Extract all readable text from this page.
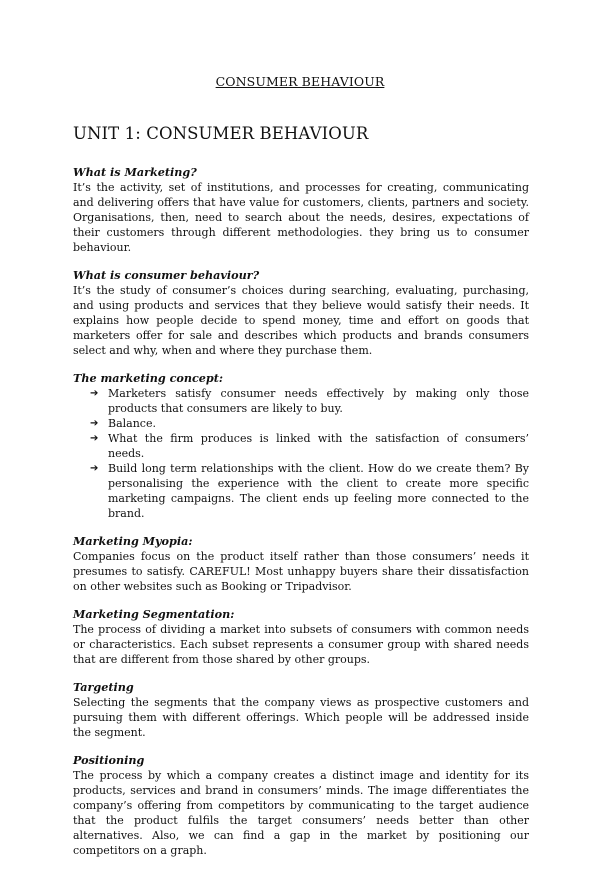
CONSUMER BEHAVIOUR
UNIT 1: CONSUMER BEHAVIOUR

What is Marketing?

It’s the activity, set of institutions, and processes for creating, communicating and delivering offers that have value for customers, clients, partners and society. Organisations, then, need to search about the needs, desires, expectations of their customers through different methodologies. they bring us to consumer behaviour.

What is consumer behaviour?

It’s the study of consumer’s choices during searching, evaluating, purchasing, and using products and services that they believe would satisfy their needs. It explains how people decide to spend money, time and effort on goods that marketers offer for sale and describes which products and brands consumers select and why, when and where they purchase them.

The marketing concept:

➔ Marketers satisfy consumer needs effectively by making only those products that consumers are likely to buy.
➔ Balance.
➔ What the firm produces is linked with the satisfaction of consumers’ needs.
➔ Build long term relationships with the client. How do we create them? By personalising the experience with the client to create more specific marketing campaigns. The client ends up feeling more connected to the brand.

Marketing Myopia:

Companies focus on the product itself rather than those consumers’ needs it presumes to satisfy. CAREFUL! Most unhappy buyers share their dissatisfaction on other websites such as Booking or Tripadvisor.

Marketing Segmentation:

The process of dividing a market into subsets of consumers with common needs or characteristics. Each subset represents a consumer group with shared needs that are different from those shared by other groups.

Targeting

Selecting the segments that the company views as prospective customers and pursuing them with different offerings. Which people will be addressed inside the segment.

Positioning

The process by which a company creates a distinct image and identity for its products, services and brand in consumers’ minds. The image differentiates the company’s offering from competitors by communicating to the target audience that the product fulfils the target consumers’ needs better than other alternatives. Also, we can find a gap in the market by positioning our competitors on a graph.
